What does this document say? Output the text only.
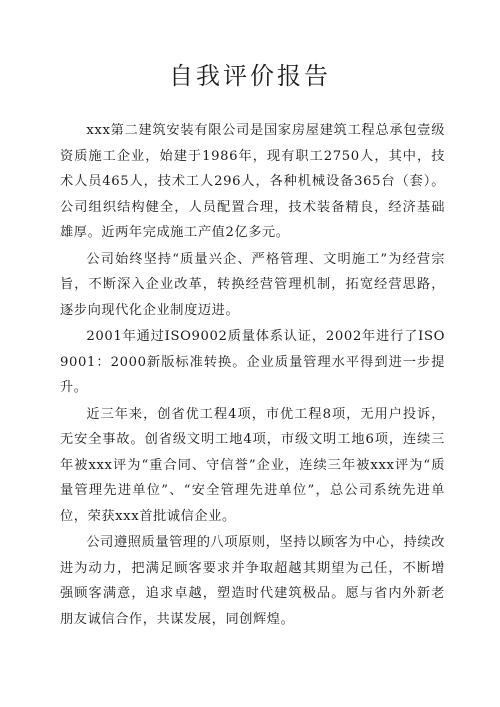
自我评价报告

xxx第二建筑安装有限公司是国家房屋建筑工程总承包壹级资质施工企业，始建于1986年，现有职工2750人，其中，技术人员465人，技术工人296人，各种机械设备365台（套）。公司组织结构健全，人员配置合理，技术装备精良，经济基础雄厚。近两年完成施工产值2亿多元。

公司始终坚持“质量兴企、严格管理、文明施工”为经营宗旨，不断深入企业改革，转换经营管理机制，拓宽经营思路，逐步向现代化企业制度迈进。

2001年通过ISO9002质量体系认证，2002年进行了ISO9001：2000新版标准转换。企业质量管理水平得到进一步提升。

近三年来，创省优工程4项，市优工程8项，无用户投诉，无安全事故。创省级文明工地4项，市级文明工地6项，连续三年被xxx评为“重合同、守信誉”企业，连续三年被xxx评为“质量管理先进单位”、“安全管理先进单位”，总公司系统先进单位，荣获xxx首批诚信企业。

公司遵照质量管理的八项原则，坚持以顾客为中心，持续改进为动力，把满足顾客要求并争取超越其期望为己任，不断增强顾客满意，追求卓越，塑造时代建筑极品。愿与省内外新老朋友诚信合作，共谋发展，同创辉煌。
